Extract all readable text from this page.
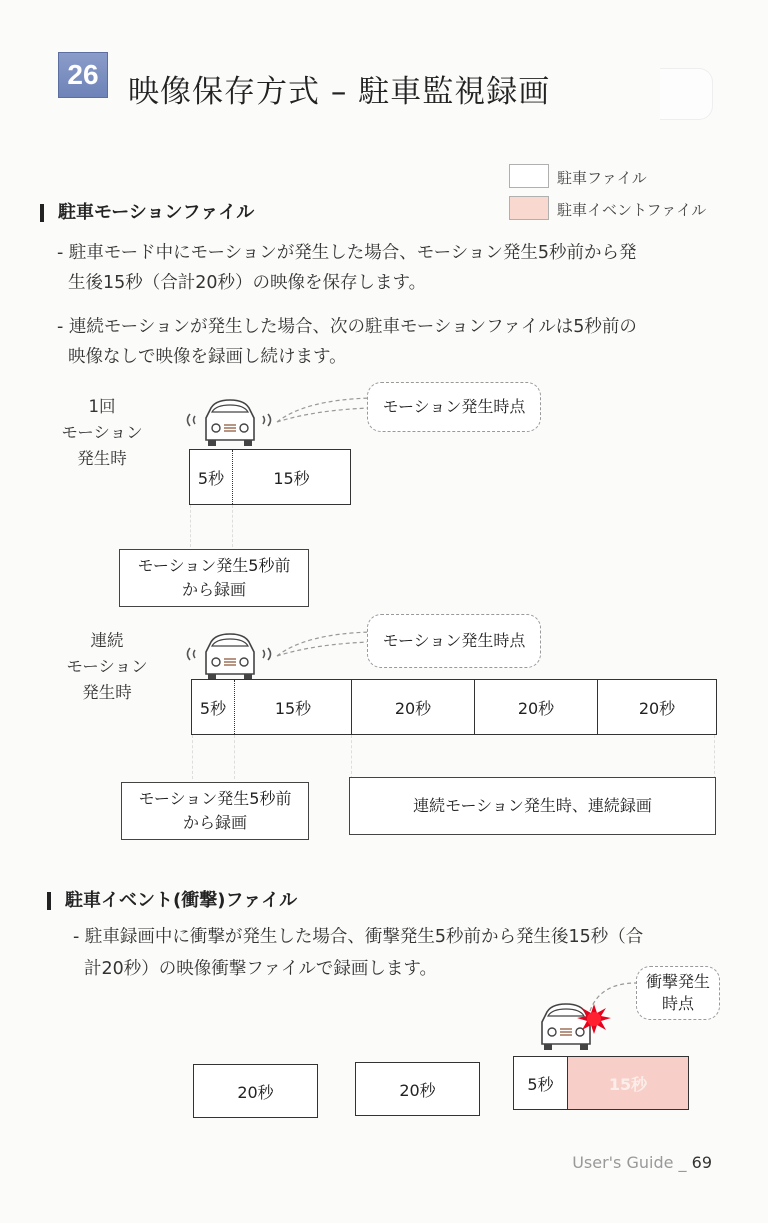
26 映像保存方式 – 駐車監視録画
駐車ファイル
駐車イベントファイル
駐車モーションファイル
- 駐車モード中にモーションが発生した場合、モーション発生5秒前から発
生後15秒（合計20秒）の映像を保存します。
- 連続モーションが発生した場合、次の駐車モーションファイルは5秒前の
映像なしで映像を録画し続けます。
1回
モーション
発生時
モーション発生時点
5秒	15秒
モーション発生5秒前
から録画
連続
モーション
発生時
モーション発生時点
5秒	15秒	20秒	20秒	20秒
モーション発生5秒前
から録画
連続モーション発生時、連続録画
駐車イベント(衝撃)ファイル
- 駐車録画中に衝撃が発生した場合、衝撃発生5秒前から発生後15秒（合
計20秒）の映像衝撃ファイルで録画します。
衝撃発生
時点
20秒	20秒	5秒	15秒
User's Guide _ 69
